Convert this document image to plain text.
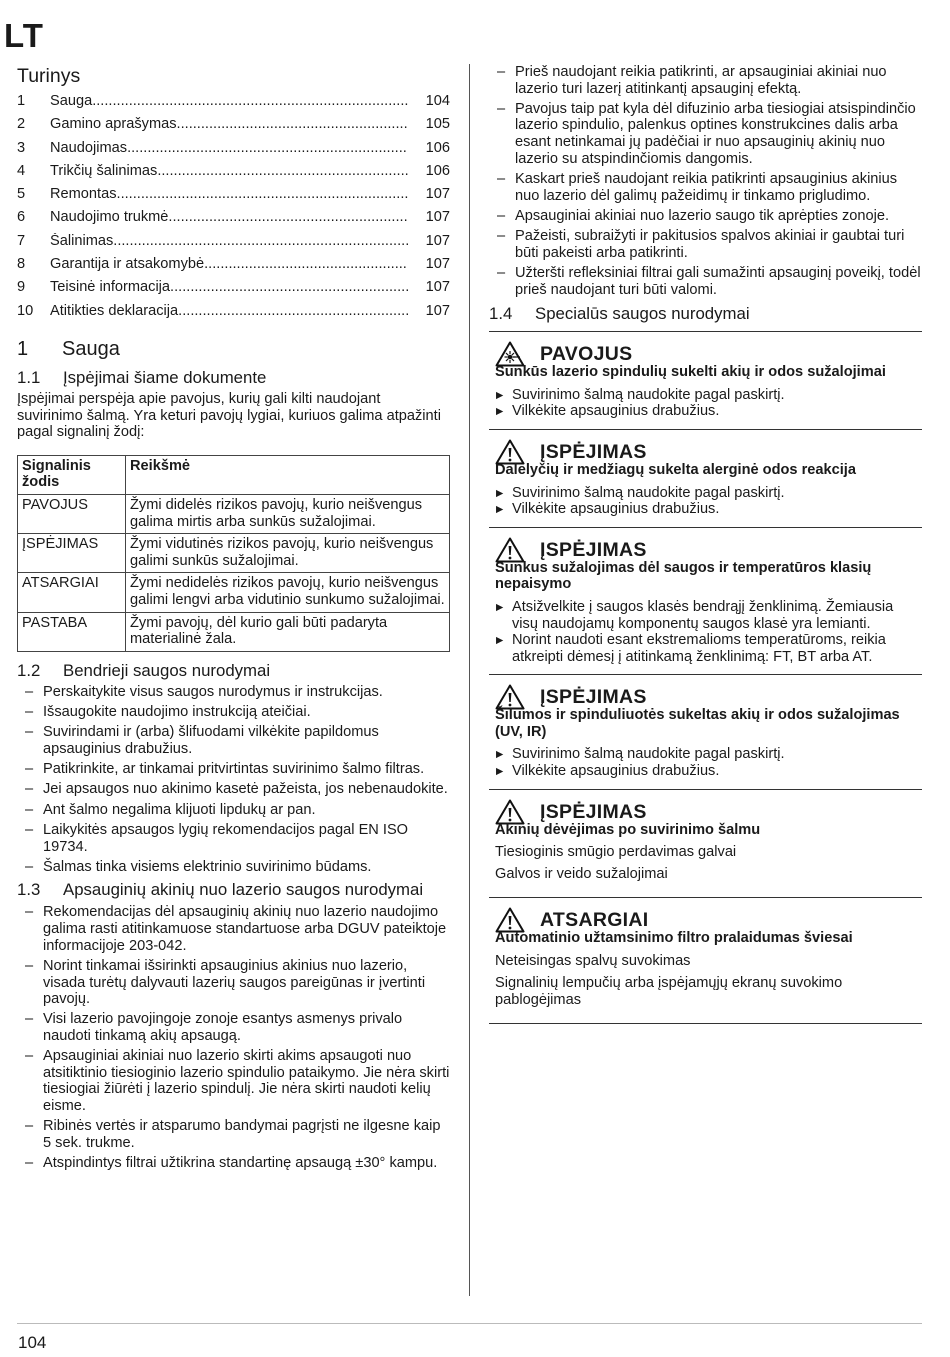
LT
Turinys
1	Sauga .....	104
2	Gamino aprašymas .....	105
3	Naudojimas .....	106
4	Trikčių šalinimas .....	106
5	Remontas .....	107
6	Naudojimo trukmė .....	107
7	Šalinimas .....	107
8	Garantija ir atsakomybė .....	107
9	Teisinė informacija .....	107
10	Atitikties deklaracija .....	107
1	Sauga
1.1	Įspėjimai šiame dokumente

Įspėjimai perspėja apie pavojus, kurių gali kilti naudojant suvirinimo šalmą. Yra keturi pavojų lygiai, kuriuos galima atpažinti pagal signalinį žodį:

Signalinis žodis	Reikšmė
PAVOJUS	Žymi didelės rizikos pavojų, kurio neišvengus galima mirtis arba sunkūs sužalojimai.
ĮSPĖJIMAS	Žymi vidutinės rizikos pavojų, kurio neišvengus galimi sunkūs sužalojimai.
ATSARGIAI	Žymi nedidelės rizikos pavojų, kurio neišvengus galimi lengvi arba vidutinio sunkumo sužalojimai.
PASTABA	Žymi pavojų, dėl kurio gali būti padaryta materialinė žala.
1.2	Bendrieji saugos nurodymai
– Perskaitykite visus saugos nurodymus ir instrukcijas.
– Išsaugokite naudojimo instrukciją ateičiai.
– Suvirindami ir (arba) šlifuodami vilkėkite papildomus apsauginius drabužius.
– Patikrinkite, ar tinkamai pritvirtintas suvirinimo šalmo filtras.
– Jei apsaugos nuo akinimo kasetė pažeista, jos nebenaudokite.
– Ant šalmo negalima klijuoti lipdukų ar pan.
– Laikykitės apsaugos lygių rekomendacijos pagal EN ISO 19734.
– Šalmas tinka visiems elektrinio suvirinimo būdams.
1.3	Apsauginių akinių nuo lazerio saugos nurodymai
– Rekomendacijas dėl apsauginių akinių nuo lazerio naudojimo galima rasti atitinkamuose standartuose arba DGUV pateiktoje informacijoje 203-042.
– Norint tinkamai išsirinkti apsauginius akinius nuo lazerio, visada turėtų dalyvauti lazerių saugos pareigūnas ir įvertinti pavojų.
– Visi lazerio pavojingoje zonoje esantys asmenys privalo naudoti tinkamą akių apsaugą.
– Apsauginiai akiniai nuo lazerio skirti akims apsaugoti nuo atsitiktinio tiesioginio lazerio spindulio pataikymo. Jie nėra skirti tiesiogiai žiūrėti į lazerio spindulį. Jie nėra skirti naudoti kelių eisme.
– Ribinės vertės ir atsparumo bandymai pagrįsti ne ilgesne kaip 5 sek. trukme.
– Atspindintys filtrai užtikrina standartinę apsaugą ±30° kampu.
– Prieš naudojant reikia patikrinti, ar apsauginiai akiniai nuo lazerio turi lazerį atitinkantį apsauginį efektą.
– Pavojus taip pat kyla dėl difuzinio arba tiesiogiai atsispindinčio lazerio spindulio, palenkus optines konstrukcines dalis arba esant netinkamai jų padėčiai ir nuo apsauginių akinių nuo lazerio su atspindinčiomis dangomis.
– Kaskart prieš naudojant reikia patikrinti apsauginius akinius nuo lazerio dėl galimų pažeidimų ir tinkamo prigludimo.
– Apsauginiai akiniai nuo lazerio saugo tik aprėpties zonoje.
– Pažeisti, subraižyti ir pakitusios spalvos akiniai ir gaubtai turi būti pakeisti arba patikrinti.
– Užteršti refleksiniai filtrai gali sumažinti apsauginį poveikį, todėl prieš naudojant turi būti valomi.
1.4	Specialūs saugos nurodymai
PAVOJUS
Sunkūs lazerio spindulių sukelti akių ir odos sužalojimai
▶ Suvirinimo šalmą naudokite pagal paskirtį.
▶ Vilkėkite apsauginius drabužius.
ĮSPĖJIMAS
Dalelyčių ir medžiagų sukelta alerginė odos reakcija
▶ Suvirinimo šalmą naudokite pagal paskirtį.
▶ Vilkėkite apsauginius drabužius.
ĮSPĖJIMAS
Sunkus sužalojimas dėl saugos ir temperatūros klasių nepaisymo
▶ Atsižvelkite į saugos klasės bendrąjį ženklinimą. Žemiausia visų naudojamų komponentų saugos klasė yra lemianti.
▶ Norint naudoti esant ekstremalioms temperatūroms, reikia atkreipti dėmesį į atitinkamą ženklinimą: FT, BT arba AT.
ĮSPĖJIMAS
Šilumos ir spinduliuotės sukeltas akių ir odos sužalojimas (UV, IR)
▶ Suvirinimo šalmą naudokite pagal paskirtį.
▶ Vilkėkite apsauginius drabužius.
ĮSPĖJIMAS
Akinių dėvėjimas po suvirinimo šalmu
Tiesioginis smūgio perdavimas galvai
Galvos ir veido sužalojimai
ATSARGIAI
Automatinio užtamsinimo filtro pralaidumas šviesai
Neteisingas spalvų suvokimas
Signalinių lempučių arba įspėjamųjų ekranų suvokimo pablogėjimas
104
